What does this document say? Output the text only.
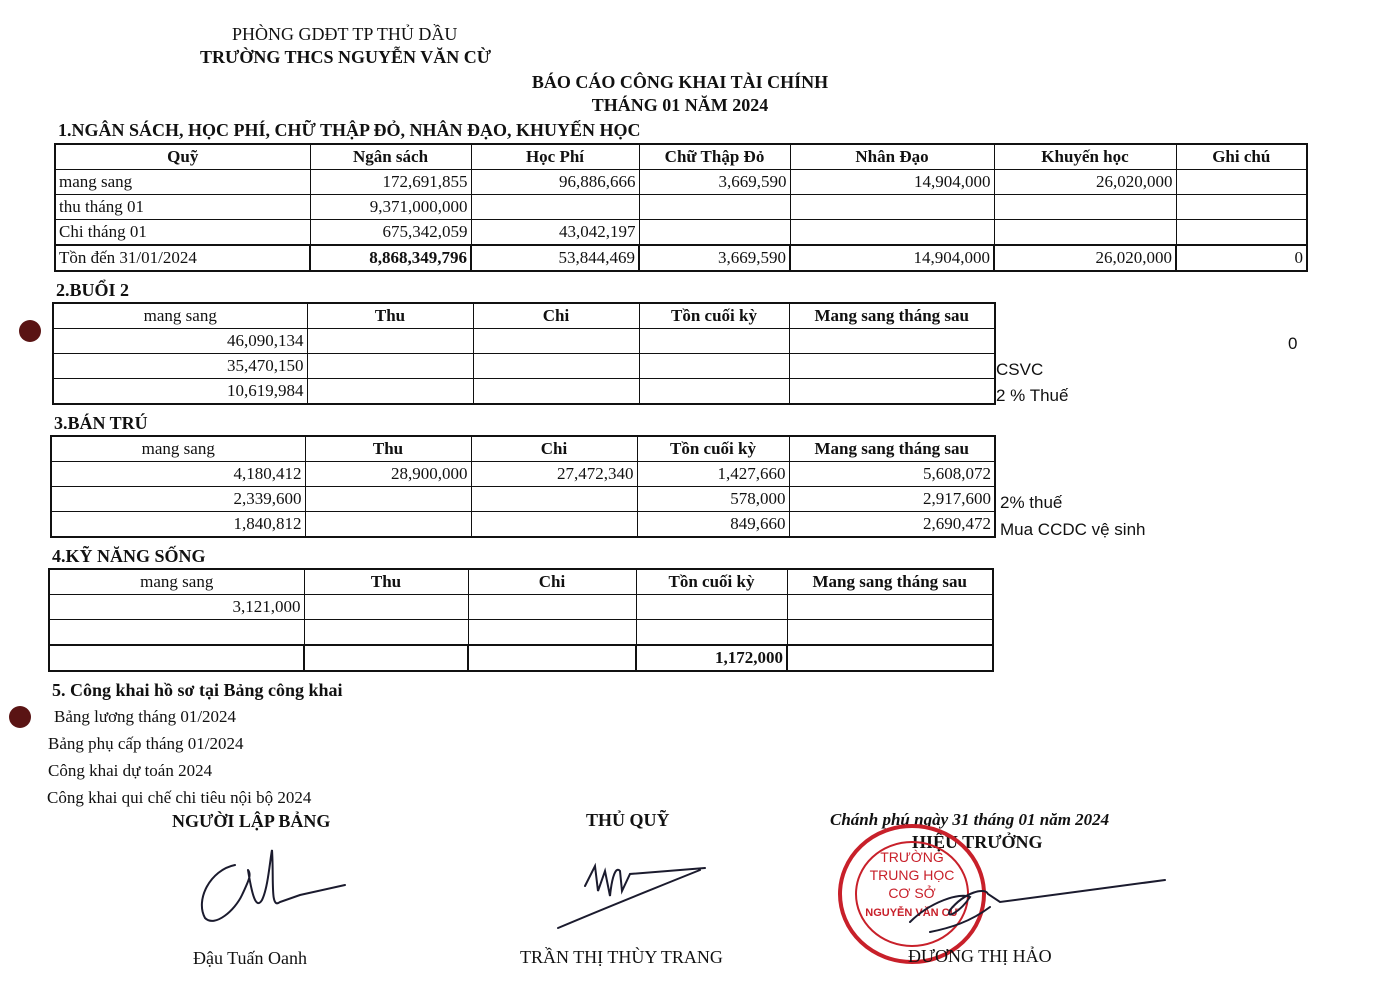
PHÒNG GDĐT TP THỦ DẦU
TRƯỜNG THCS NGUYỄN VĂN CỪ
BÁO CÁO CÔNG KHAI TÀI CHÍNH
THÁNG 01 NĂM 2024
1.NGÂN SÁCH, HỌC PHÍ, CHỮ THẬP ĐỎ, NHÂN ĐẠO, KHUYẾN HỌC
Quỹ	Ngân sách	Học Phí	Chữ Thập Đỏ	Nhân Đạo	Khuyến học	Ghi chú
mang sang	172,691,855	96,886,666	3,669,590	14,904,000	26,020,000	
thu tháng 01	9,371,000,000					
Chi tháng 01	675,342,059	43,042,197				
Tồn đến 31/01/2024	8,868,349,796	53,844,469	3,669,590	14,904,000	26,020,000	0
2.BUỔI 2
mang sang	Thu	Chi	Tồn cuối kỳ	Mang sang tháng sau
46,090,134				
35,470,150				
10,619,984				
0
CSVC
2 % Thuế
3.BÁN TRÚ
mang sang	Thu	Chi	Tồn cuối kỳ	Mang sang tháng sau
4,180,412	28,900,000	27,472,340	1,427,660	5,608,072
2,339,600			578,000	2,917,600
1,840,812			849,660	2,690,472
2% thuế
Mua CCDC vệ sinh
4.KỸ NĂNG SỐNG
mang sang	Thu	Chi	Tồn cuối kỳ	Mang sang tháng sau
3,121,000				

			1,172,000	
5. Công khai hồ sơ tại Bảng công khai
Bảng lương tháng 01/2024
Bảng phụ cấp tháng 01/2024
Công khai dự toán 2024
Công khai qui chế chi tiêu nội bộ 2024
NGƯỜI LẬP BẢNG	THỦ QUỸ	Chánh phú ngày 31 tháng 01 năm 2024
HIỆU TRƯỞNG
TRƯỜNG
TRUNG HỌC
CƠ SỞ
NGUYỄN VĂN CỪ
Đậu Tuấn Oanh	TRẦN THỊ THÙY TRANG	ĐƯƠNG THỊ HẢO
